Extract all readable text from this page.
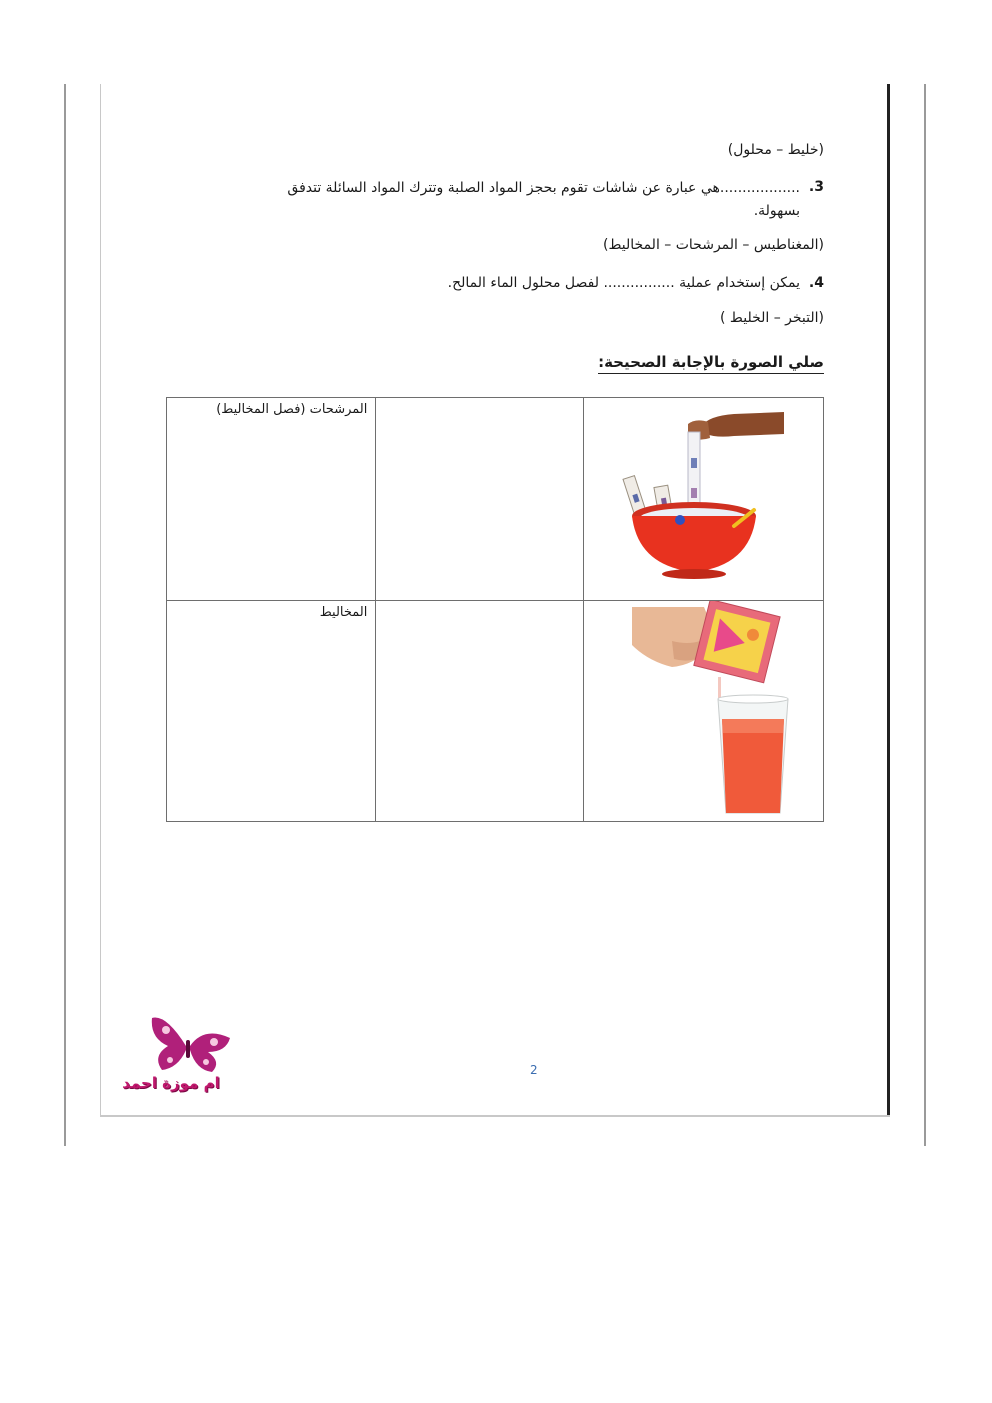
(خليط – محلول)
3.
..................هي عبارة عن شاشات تقوم بحجز المواد الصلبة وتترك المواد السائلة تتدفق
بسهولة.
(المغناطيس – المرشحات – المخاليط)
4.
يمكن إستخدام عملية ................ لفصل محلول الماء المالح.
(التبخر – الخليط )
صلي الصورة بالإجابة الصحيحة:
المرشحات (فصل المخاليط)

المخاليط

2
ام موزة احمد
